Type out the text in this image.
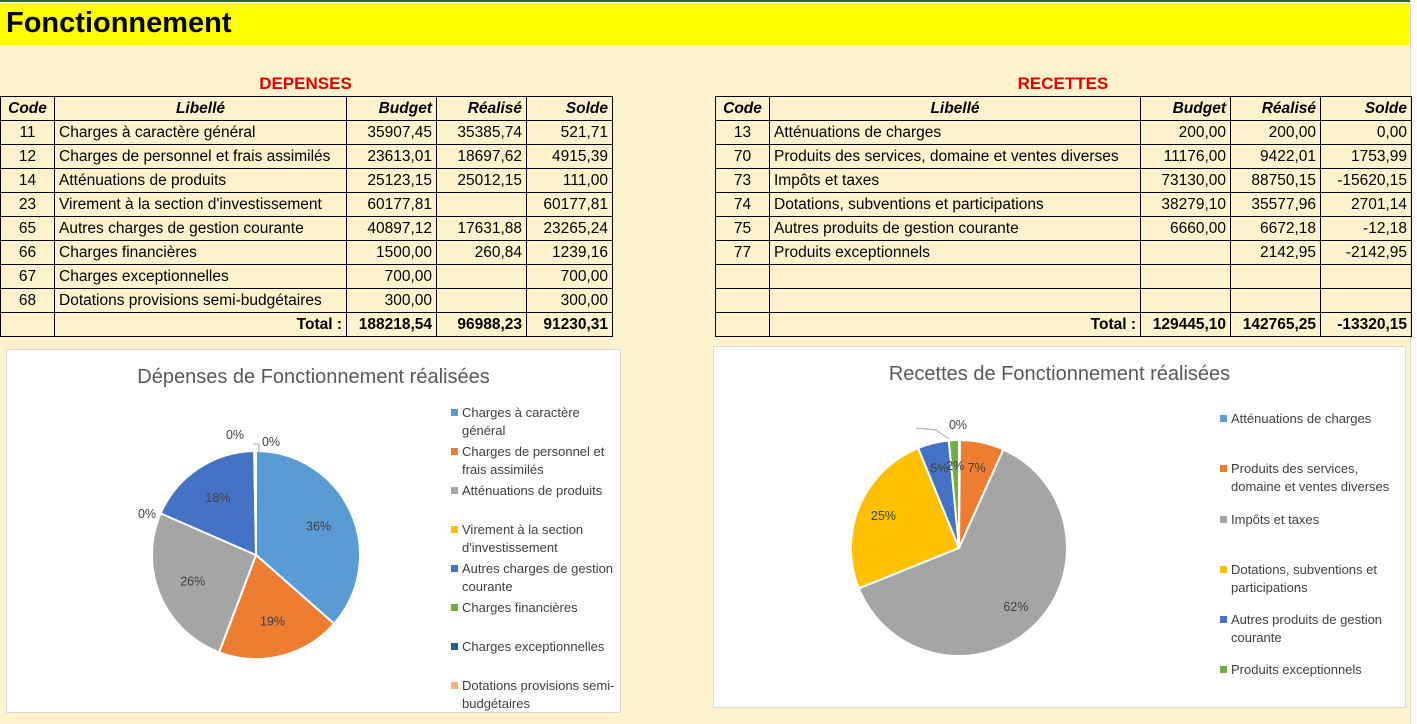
Fonctionnement
DEPENSES	RECETTES
Code	Libellé	Budget	Réalisé	Solde
11	Charges à caractère général	35907,45	35385,74	521,71
12	Charges de personnel et frais assimilés	23613,01	18697,62	4915,39
14	Atténuations de produits	25123,15	25012,15	111,00
23	Virement à la section d'investissement	60177,81		60177,81
65	Autres charges de gestion courante	40897,12	17631,88	23265,24
66	Charges financières	1500,00	260,84	1239,16
67	Charges exceptionnelles	700,00		700,00
68	Dotations provisions semi-budgétaires	300,00		300,00
	Total :	188218,54	96988,23	91230,31
Code	Libellé	Budget	Réalisé	Solde
13	Atténuations de charges	200,00	200,00	0,00
70	Produits des services, domaine et ventes diverses	11176,00	9422,01	1753,99
73	Impôts et taxes	73130,00	88750,15	-15620,15
74	Dotations, subventions et participations	38279,10	35577,96	2701,14
75	Autres produits de gestion courante	6660,00	6672,18	-12,18
77	Produits exceptionnels		2142,95	-2142,95

	Total :	129445,10	142765,25	-13320,15
Dépenses de Fonctionnement réalisées
36%
19%
26%
0%
18%
0% 0%
Charges à caractère général
Charges de personnel et frais assimilés
Atténuations de produits
Virement à la section d'investissement
Autres charges de gestion courante
Charges financières
Charges exceptionnelles
Dotations provisions semi-budgétaires
Recettes de Fonctionnement réalisées
0%
7%
62%
25%
5%
2%
Atténuations de charges
Produits des services, domaine et ventes diverses
Impôts et taxes
Dotations, subventions et participations
Autres produits de gestion courante
Produits exceptionnels
